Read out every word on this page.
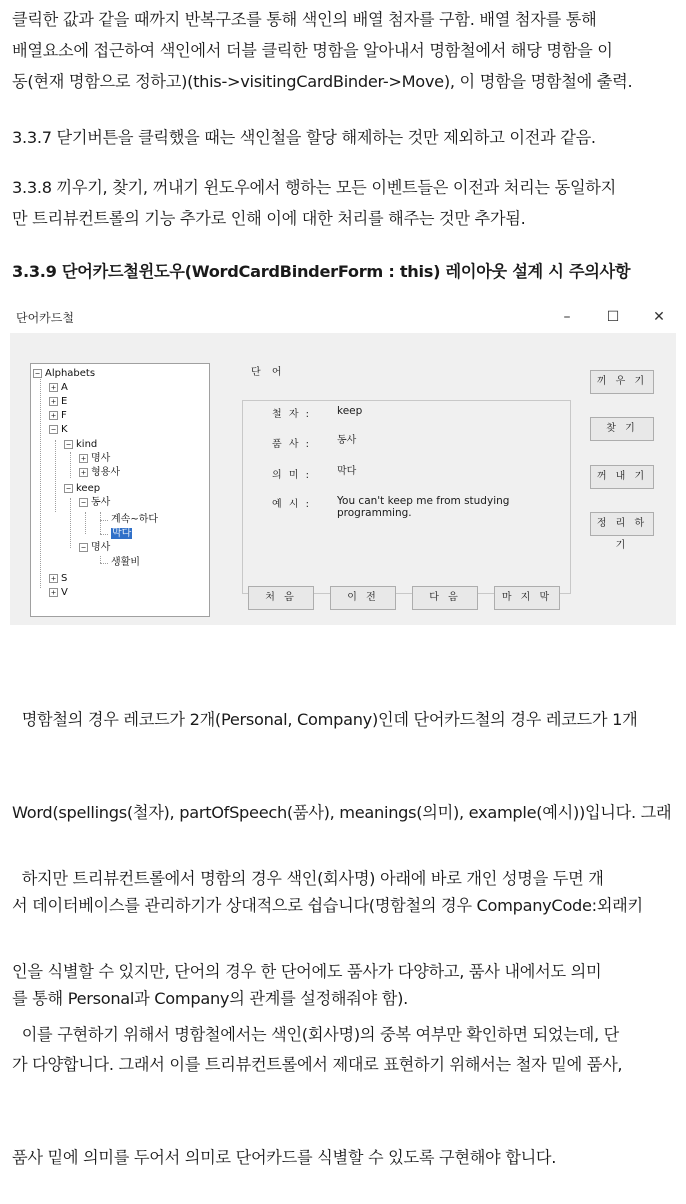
클릭한 값과 같을 때까지 반복구조를 통해 색인의 배열 첨자를 구함. 배열 첨자를 통해
배열요소에 접근하여 색인에서 더블 클릭한 명함을 알아내서 명함철에서 해당 명함을 이
동(현재 명함으로 정하고)(this->visitingCardBinder->Move), 이 명함을 명함철에 출력.
3.3.7 닫기버튼을 클릭했을 때는 색인철을 할당 해제하는 것만 제외하고 이전과 같음.
3.3.8 끼우기, 찾기, 꺼내기 윈도우에서 행하는 모든 이벤트들은 이전과 처리는 동일하지
만 트리뷰컨트롤의 기능 추가로 인해 이에 대한 처리를 해주는 것만 추가됨.
3.3.9 단어카드철윈도우(WordCardBinderForm : this) 레이아웃 설계 시 주의사항
단어카드철	–	☐	✕
− Alphabets
+ A
+ E
+ F
− K
− kind
+ 명사
+ 형용사
− keep
− 동사
계속~하다
막다
− 명사
생활비
+ S
+ V
단 어
철 자 : keep
품 사 :	동사
의 미 :	막다
예 시 : You can't keep me from studying programming.
끼 우 기
찾 기
꺼 내 기
정 리 하 기
처 음	이 전	다 음	마 지 막

명함철의 경우 레코드가 2개(Personal, Company)인데 단어카드철의 경우 레코드가 1개

Word(spellings(철자), partOfSpeech(품사), meanings(의미), example(예시))입니다. 그래

서 데이터베이스를 관리하기가 상대적으로 쉽습니다(명함철의 경우 CompanyCode:외래키

를 통해 Personal과 Company의 관계를 설정해줘야 함).

하지만 트리뷰컨트롤에서 명함의 경우 색인(회사명) 아래에 바로 개인 성명을 두면 개

인을 식별할 수 있지만, 단어의 경우 한 단어에도 품사가 다양하고, 품사 내에서도 의미

가 다양합니다. 그래서 이를 트리뷰컨트롤에서 제대로 표현하기 위해서는 철자 밑에 품사,

품사 밑에 의미를 두어서 의미로 단어카드를 식별할 수 있도록 구현해야 합니다.

이를 구현하기 위해서 명함철에서는 색인(회사명)의 중복 여부만 확인하면 되었는데, 단
